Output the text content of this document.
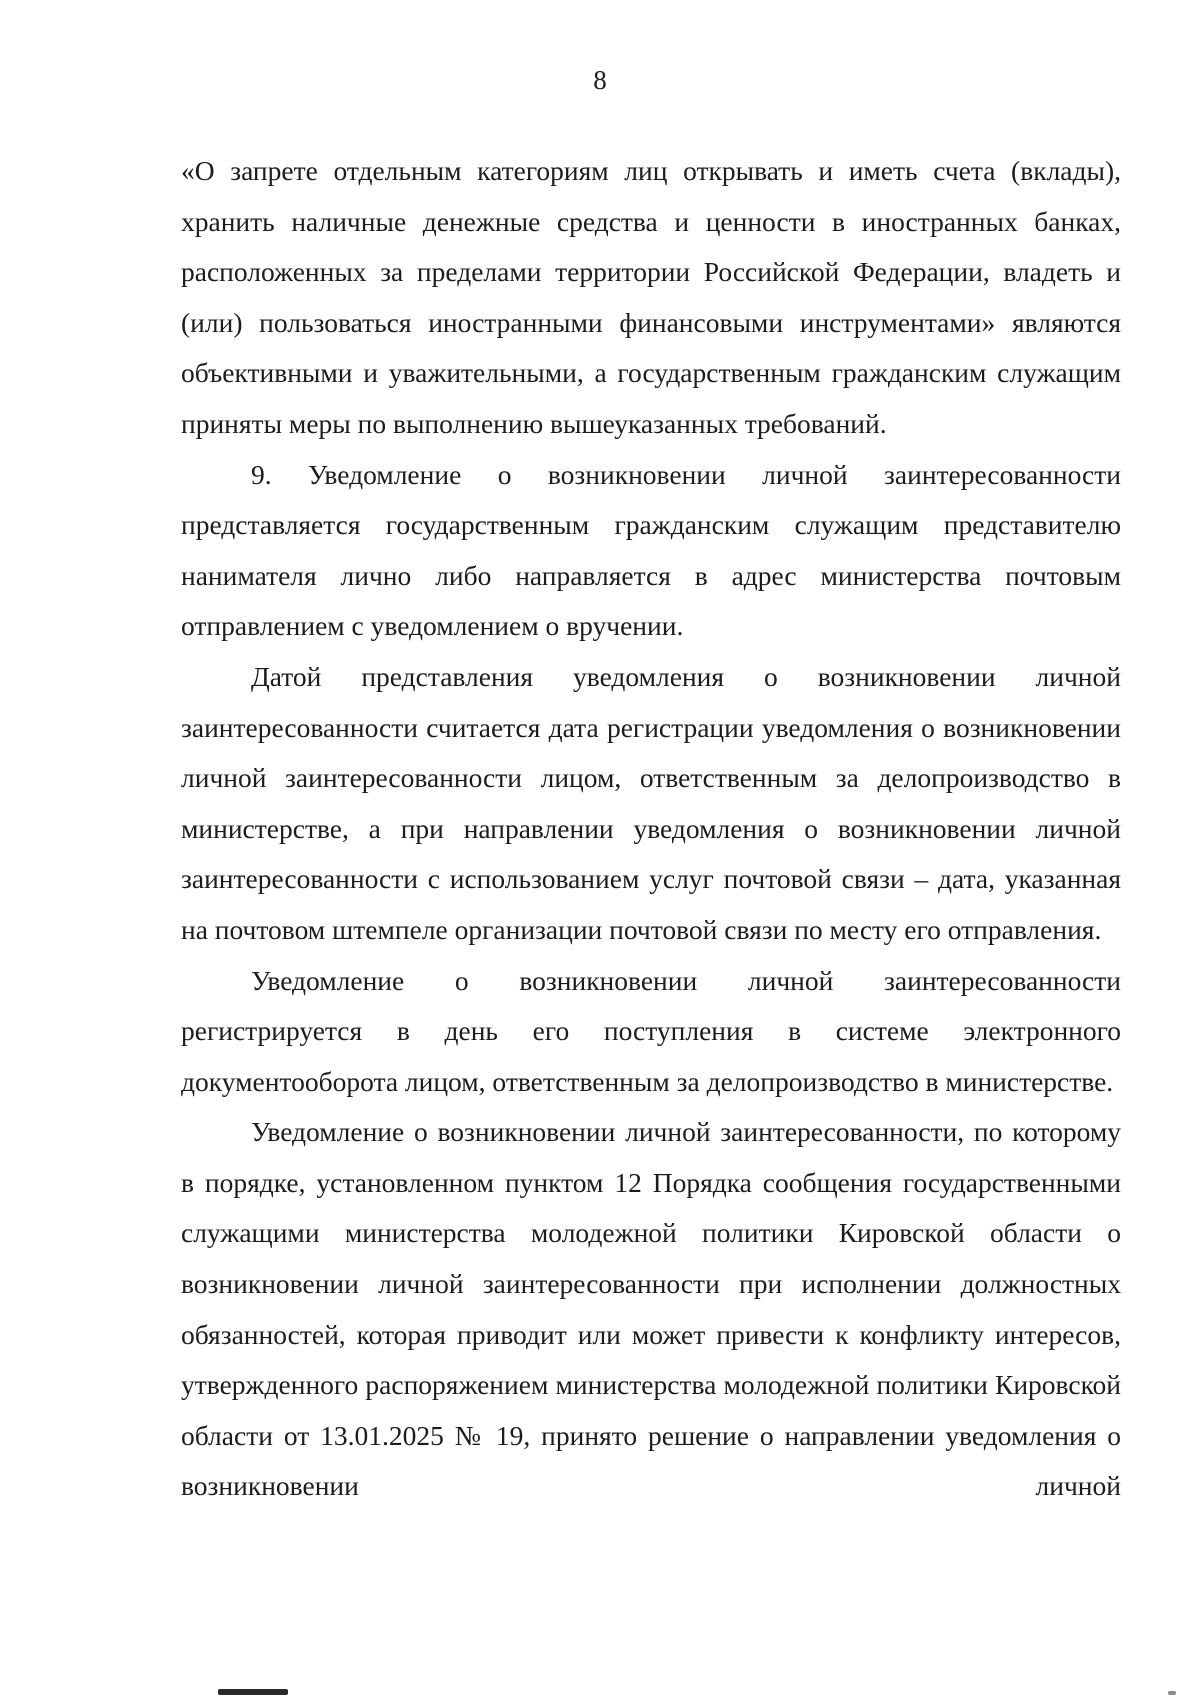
8

«О запрете отдельным категориям лиц открывать и иметь счета (вклады), хранить наличные денежные средства и ценности в иностранных банках, расположенных за пределами территории Российской Федерации, владеть и (или) пользоваться иностранными финансовыми инструментами» являются объективными и уважительными, а государственным гражданским служащим приняты меры по выполнению вышеуказанных требований.

9. Уведомление о возникновении личной заинтересованности представляется государственным гражданским служащим представителю нанимателя лично либо направляется в адрес министерства почтовым отправлением с уведомлением о вручении.

Датой представления уведомления о возникновении личной заинтересованности считается дата регистрации уведомления о возникновении личной заинтересованности лицом, ответственным за делопроизводство в министерстве, а при направлении уведомления о возникновении личной заинтересованности с использованием услуг почтовой связи – дата, указанная на почтовом штемпеле организации почтовой связи по месту его отправления.

Уведомление о возникновении личной заинтересованности регистрируется в день его поступления в системе электронного документооборота лицом, ответственным за делопроизводство в министерстве.

Уведомление о возникновении личной заинтересованности, по которому в порядке, установленном пунктом 12 Порядка сообщения государственными служащими министерства молодежной политики Кировской области о возникновении личной заинтересованности при исполнении должностных обязанностей, которая приводит или может привести к конфликту интересов, утвержденного распоряжением министерства молодежной политики Кировской области от 13.01.2025 № 19, принято решение о направлении уведомления о возникновении личной
